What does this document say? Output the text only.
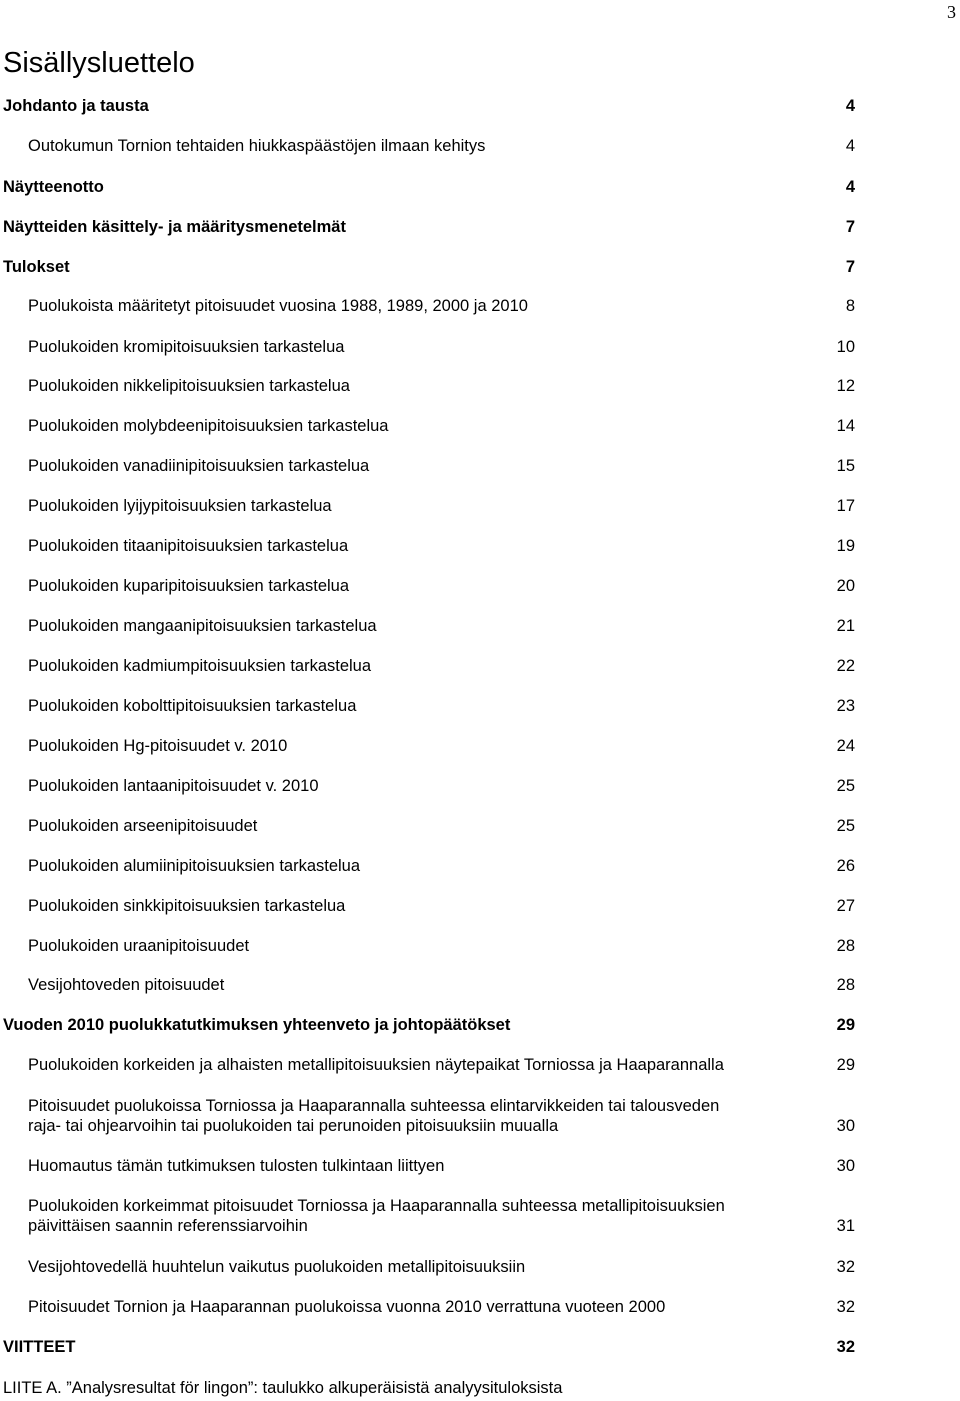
3
Sisällysluettelo
Johdanto ja tausta	4
Outokumun Tornion tehtaiden hiukkaspäästöjen ilmaan kehitys	4
Näytteenotto	4
Näytteiden käsittely- ja määritysmenetelmät	7
Tulokset	7
Puolukoista määritetyt pitoisuudet vuosina 1988, 1989, 2000 ja 2010	8
Puolukoiden kromipitoisuuksien tarkastelua	10
Puolukoiden nikkelipitoisuuksien tarkastelua	12
Puolukoiden molybdeenipitoisuuksien tarkastelua	14
Puolukoiden vanadiinipitoisuuksien tarkastelua	15
Puolukoiden lyijypitoisuuksien tarkastelua	17
Puolukoiden titaanipitoisuuksien tarkastelua	19
Puolukoiden kuparipitoisuuksien tarkastelua	20
Puolukoiden mangaanipitoisuuksien tarkastelua	21
Puolukoiden kadmiumpitoisuuksien tarkastelua	22
Puolukoiden kobolttipitoisuuksien tarkastelua	23
Puolukoiden Hg-pitoisuudet v. 2010	24
Puolukoiden lantaanipitoisuudet v. 2010	25
Puolukoiden arseenipitoisuudet	25
Puolukoiden alumiinipitoisuuksien tarkastelua	26
Puolukoiden sinkkipitoisuuksien tarkastelua	27
Puolukoiden uraanipitoisuudet	28
Vesijohtoveden pitoisuudet	28
Vuoden 2010 puolukkatutkimuksen yhteenveto ja johtopäätökset	29
Puolukoiden korkeiden ja alhaisten metallipitoisuuksien näytepaikat Torniossa ja Haaparannalla	29
Pitoisuudet puolukoissa Torniossa ja Haaparannalla suhteessa elintarvikkeiden tai talousveden
raja- tai ohjearvoihin tai puolukoiden tai perunoiden pitoisuuksiin muualla	30
Huomautus tämän tutkimuksen tulosten tulkintaan liittyen	30
Puolukoiden korkeimmat pitoisuudet Torniossa ja Haaparannalla suhteessa metallipitoisuuksien
päivittäisen saannin referenssiarvoihin	31
Vesijohtovedellä huuhtelun vaikutus puolukoiden metallipitoisuuksiin	32
Pitoisuudet Tornion ja Haaparannan puolukoissa vuonna 2010 verrattuna vuoteen 2000	32
VIITTEET	32
LIITE A. ”Analysresultat för lingon”: taulukko alkuperäisistä analyysituloksista
